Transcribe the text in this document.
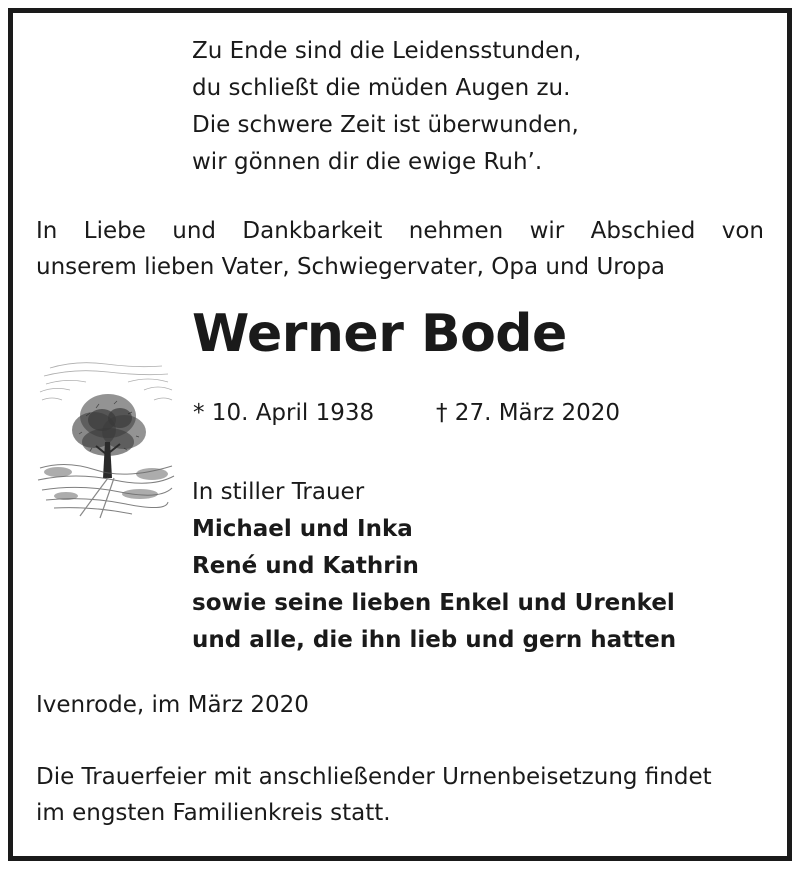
Zu Ende sind die Leidensstunden,
du schließt die müden Augen zu.
Die schwere Zeit ist überwunden,
wir gönnen dir die ewige Ruh’.
In Liebe und Dankbarkeit nehmen wir Abschied von
unserem lieben Vater, Schwiegervater, Opa und Uropa
Werner Bode
* 10. April 1938	† 27. März 2020
In stiller Trauer
Michael und Inka
René und Kathrin
sowie seine lieben Enkel und Urenkel
und alle, die ihn lieb und gern hatten
Ivenrode, im März 2020
Die Trauerfeier mit anschließender Urnenbeisetzung findet
im engsten Familienkreis statt.
